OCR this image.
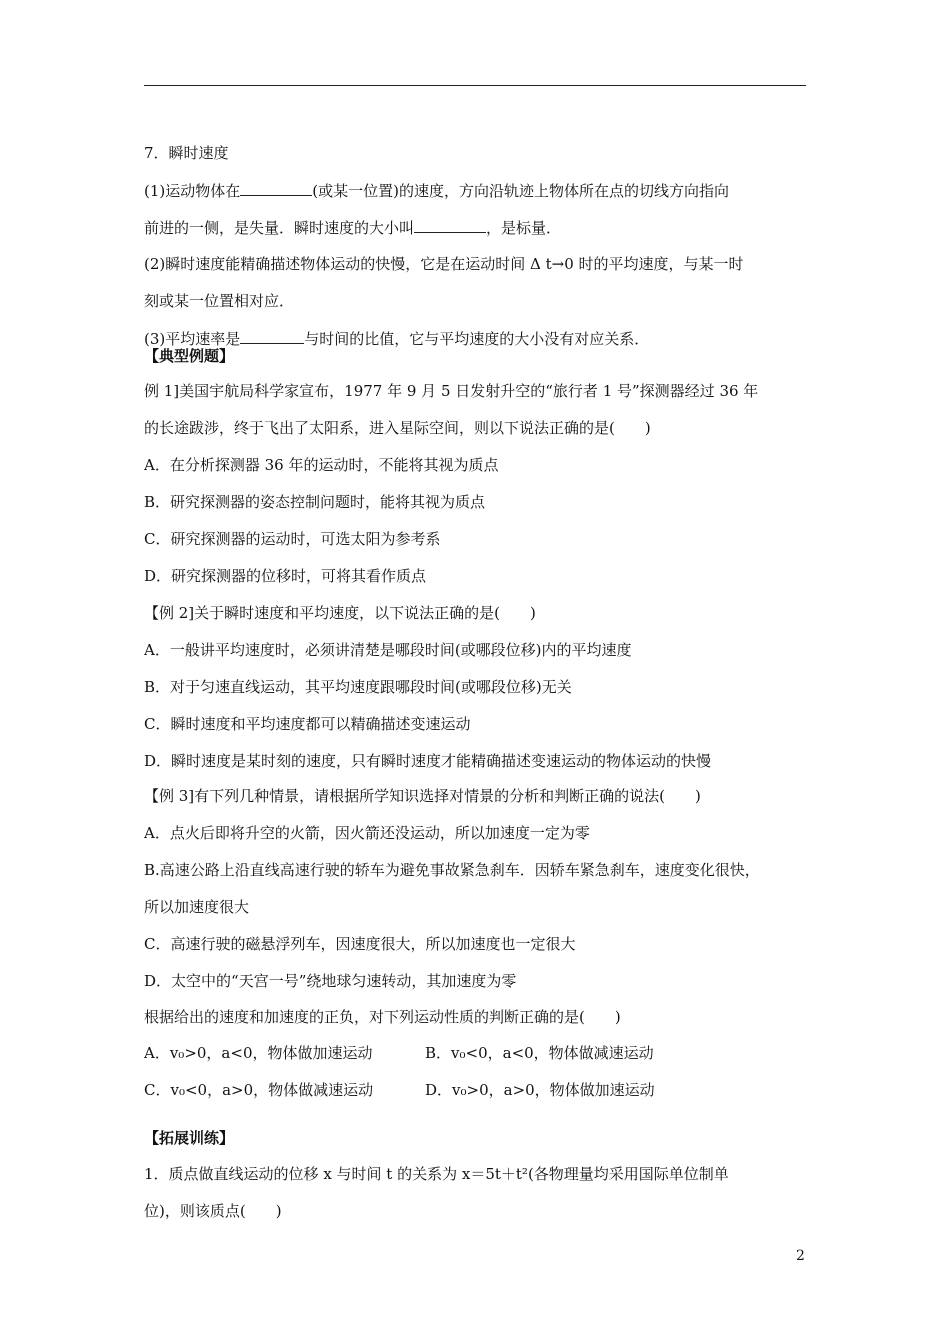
7．瞬时速度
(1)运动物体在	(或某一位置)的速度，方向沿轨迹上物体所在点的切线方向指向
前进的一侧，是失量．瞬时速度的大小叫	，是标量．
(2)瞬时速度能精确描述物体运动的快慢，它是在运动时间 Δ t→0 时的平均速度，与某一时
刻或某一位置相对应．
(3)平均速率是	与时间的比值，它与平均速度的大小没有对应关系．
【典型例题】
例 1]美国宇航局科学家宣布，1977 年 9 月 5 日发射升空的“旅行者 1 号”探测器经过 36 年
的长途跋涉，终于飞出了太阳系，进入星际空间，则以下说法正确的是(　　)
A．在分析探测器 36 年的运动时，不能将其视为质点
B．研究探测器的姿态控制问题时，能将其视为质点
C．研究探测器的运动时，可选太阳为参考系
D．研究探测器的位移时，可将其看作质点
【例 2]关于瞬时速度和平均速度，以下说法正确的是(　　)
A．一般讲平均速度时，必须讲清楚是哪段时间(或哪段位移)内的平均速度
B．对于匀速直线运动，其平均速度跟哪段时间(或哪段位移)无关
C．瞬时速度和平均速度都可以精确描述变速运动
D．瞬时速度是某时刻的速度，只有瞬时速度才能精确描述变速运动的物体运动的快慢
【例 3]有下列几种情景，请根据所学知识选择对情景的分析和判断正确的说法(　　)
A．点火后即将升空的火箭，因火箭还没运动，所以加速度一定为零
B.高速公路上沿直线高速行驶的轿车为避免事故紧急刹车．因轿车紧急刹车，速度变化很快，
所以加速度很大
C．高速行驶的磁悬浮列车，因速度很大，所以加速度也一定很大
D．太空中的“天宫一号”绕地球匀速转动，其加速度为零
根据给出的速度和加速度的正负，对下列运动性质的判断正确的是(　　)
A．v₀>0，a<0，物体做加速运动	B．v₀<0，a<0，物体做减速运动
C．v₀<0，a>0，物体做减速运动	D．v₀>0，a>0，物体做加速运动
【拓展训练】
1．质点做直线运动的位移 x 与时间 t 的关系为 x＝5t＋t²(各物理量均采用国际单位制单
位)，则该质点(　　)
2
